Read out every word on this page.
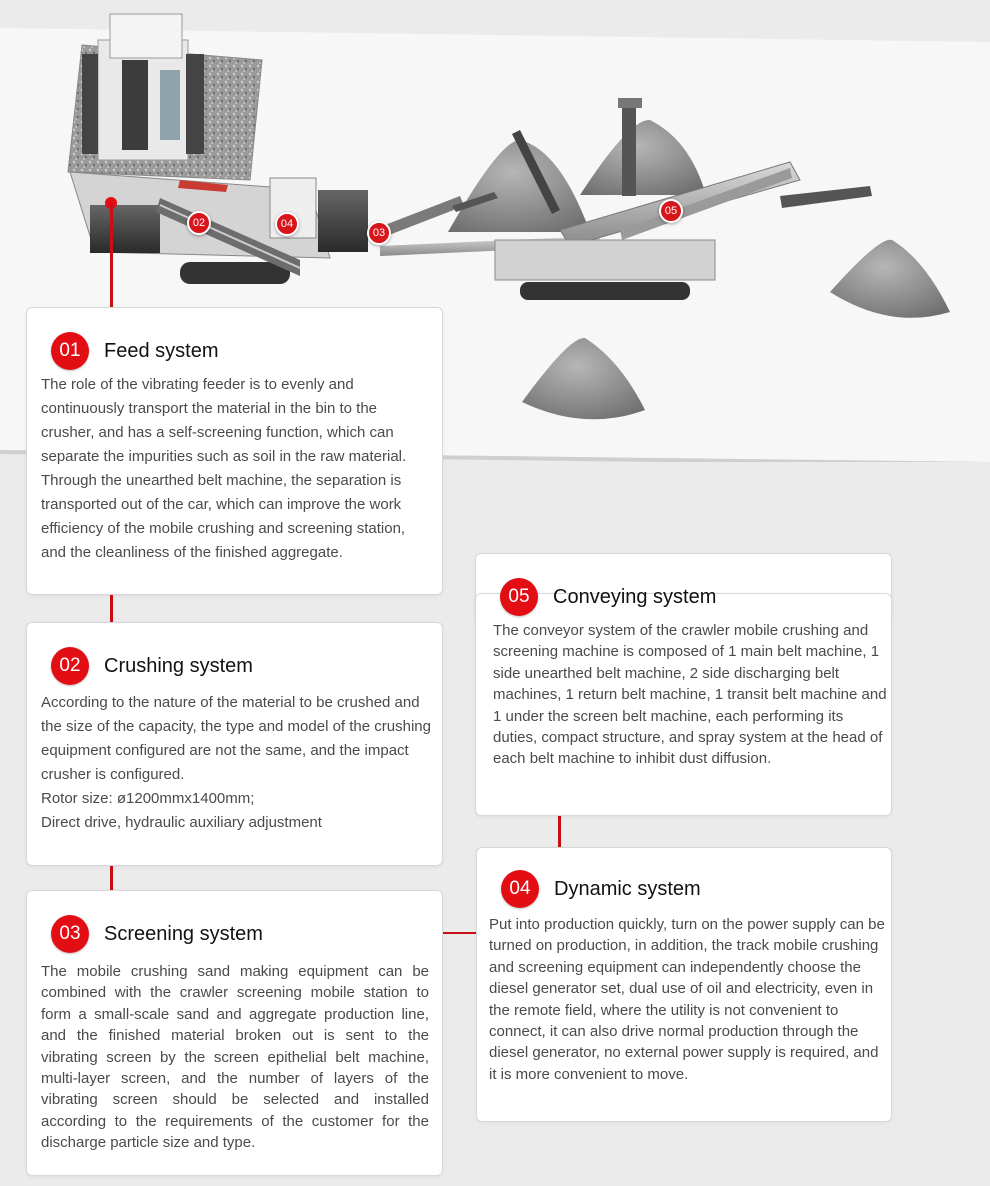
02	04
03
05
01	Feed system
The role of the vibrating feeder is to evenly and continuously transport the material in the bin to the crusher, and has a self-screening function, which can separate the impurities such as soil in the raw material. Through the unearthed belt machine, the separation is transported out of the car, which can improve the work efficiency of the mobile crushing and screening station, and the cleanliness of the finished aggregate.
02	Crushing system

According to the nature of the material to be crushed and the size of the capacity, the type and model of the crushing equipment configured are not the same, and the impact crusher is configured.

Rotor size: ø1200mmx1400mm;

Direct drive, hydraulic auxiliary adjustment

03	Screening system
The mobile crushing sand making equipment can be combined with the crawler screening mobile station to form a small-scale sand and aggregate production line, and the finished material broken out is sent to the vibrating screen by the screen epithelial belt machine, multi-layer screen, and the number of layers of the vibrating screen should be selected and installed according to the requirements of the customer for the discharge particle size and type.
05	Conveying system
The conveyor system of the crawler mobile crushing and screening machine is composed of 1 main belt machine, 1 side unearthed belt machine, 2 side discharging belt machines, 1 return belt machine, 1 transit belt machine and 1 under the screen belt machine, each performing its duties, compact structure, and spray system at the head of each belt machine to inhibit dust diffusion.
04	Dynamic system
Put into production quickly, turn on the power supply can be turned on production, in addition, the track mobile crushing and screening equipment can independently choose the diesel generator set, dual use of oil and electricity, even in the remote field, where the utility is not convenient to connect, it can also drive normal production through the diesel generator, no external power supply is required, and it is more convenient to move.
